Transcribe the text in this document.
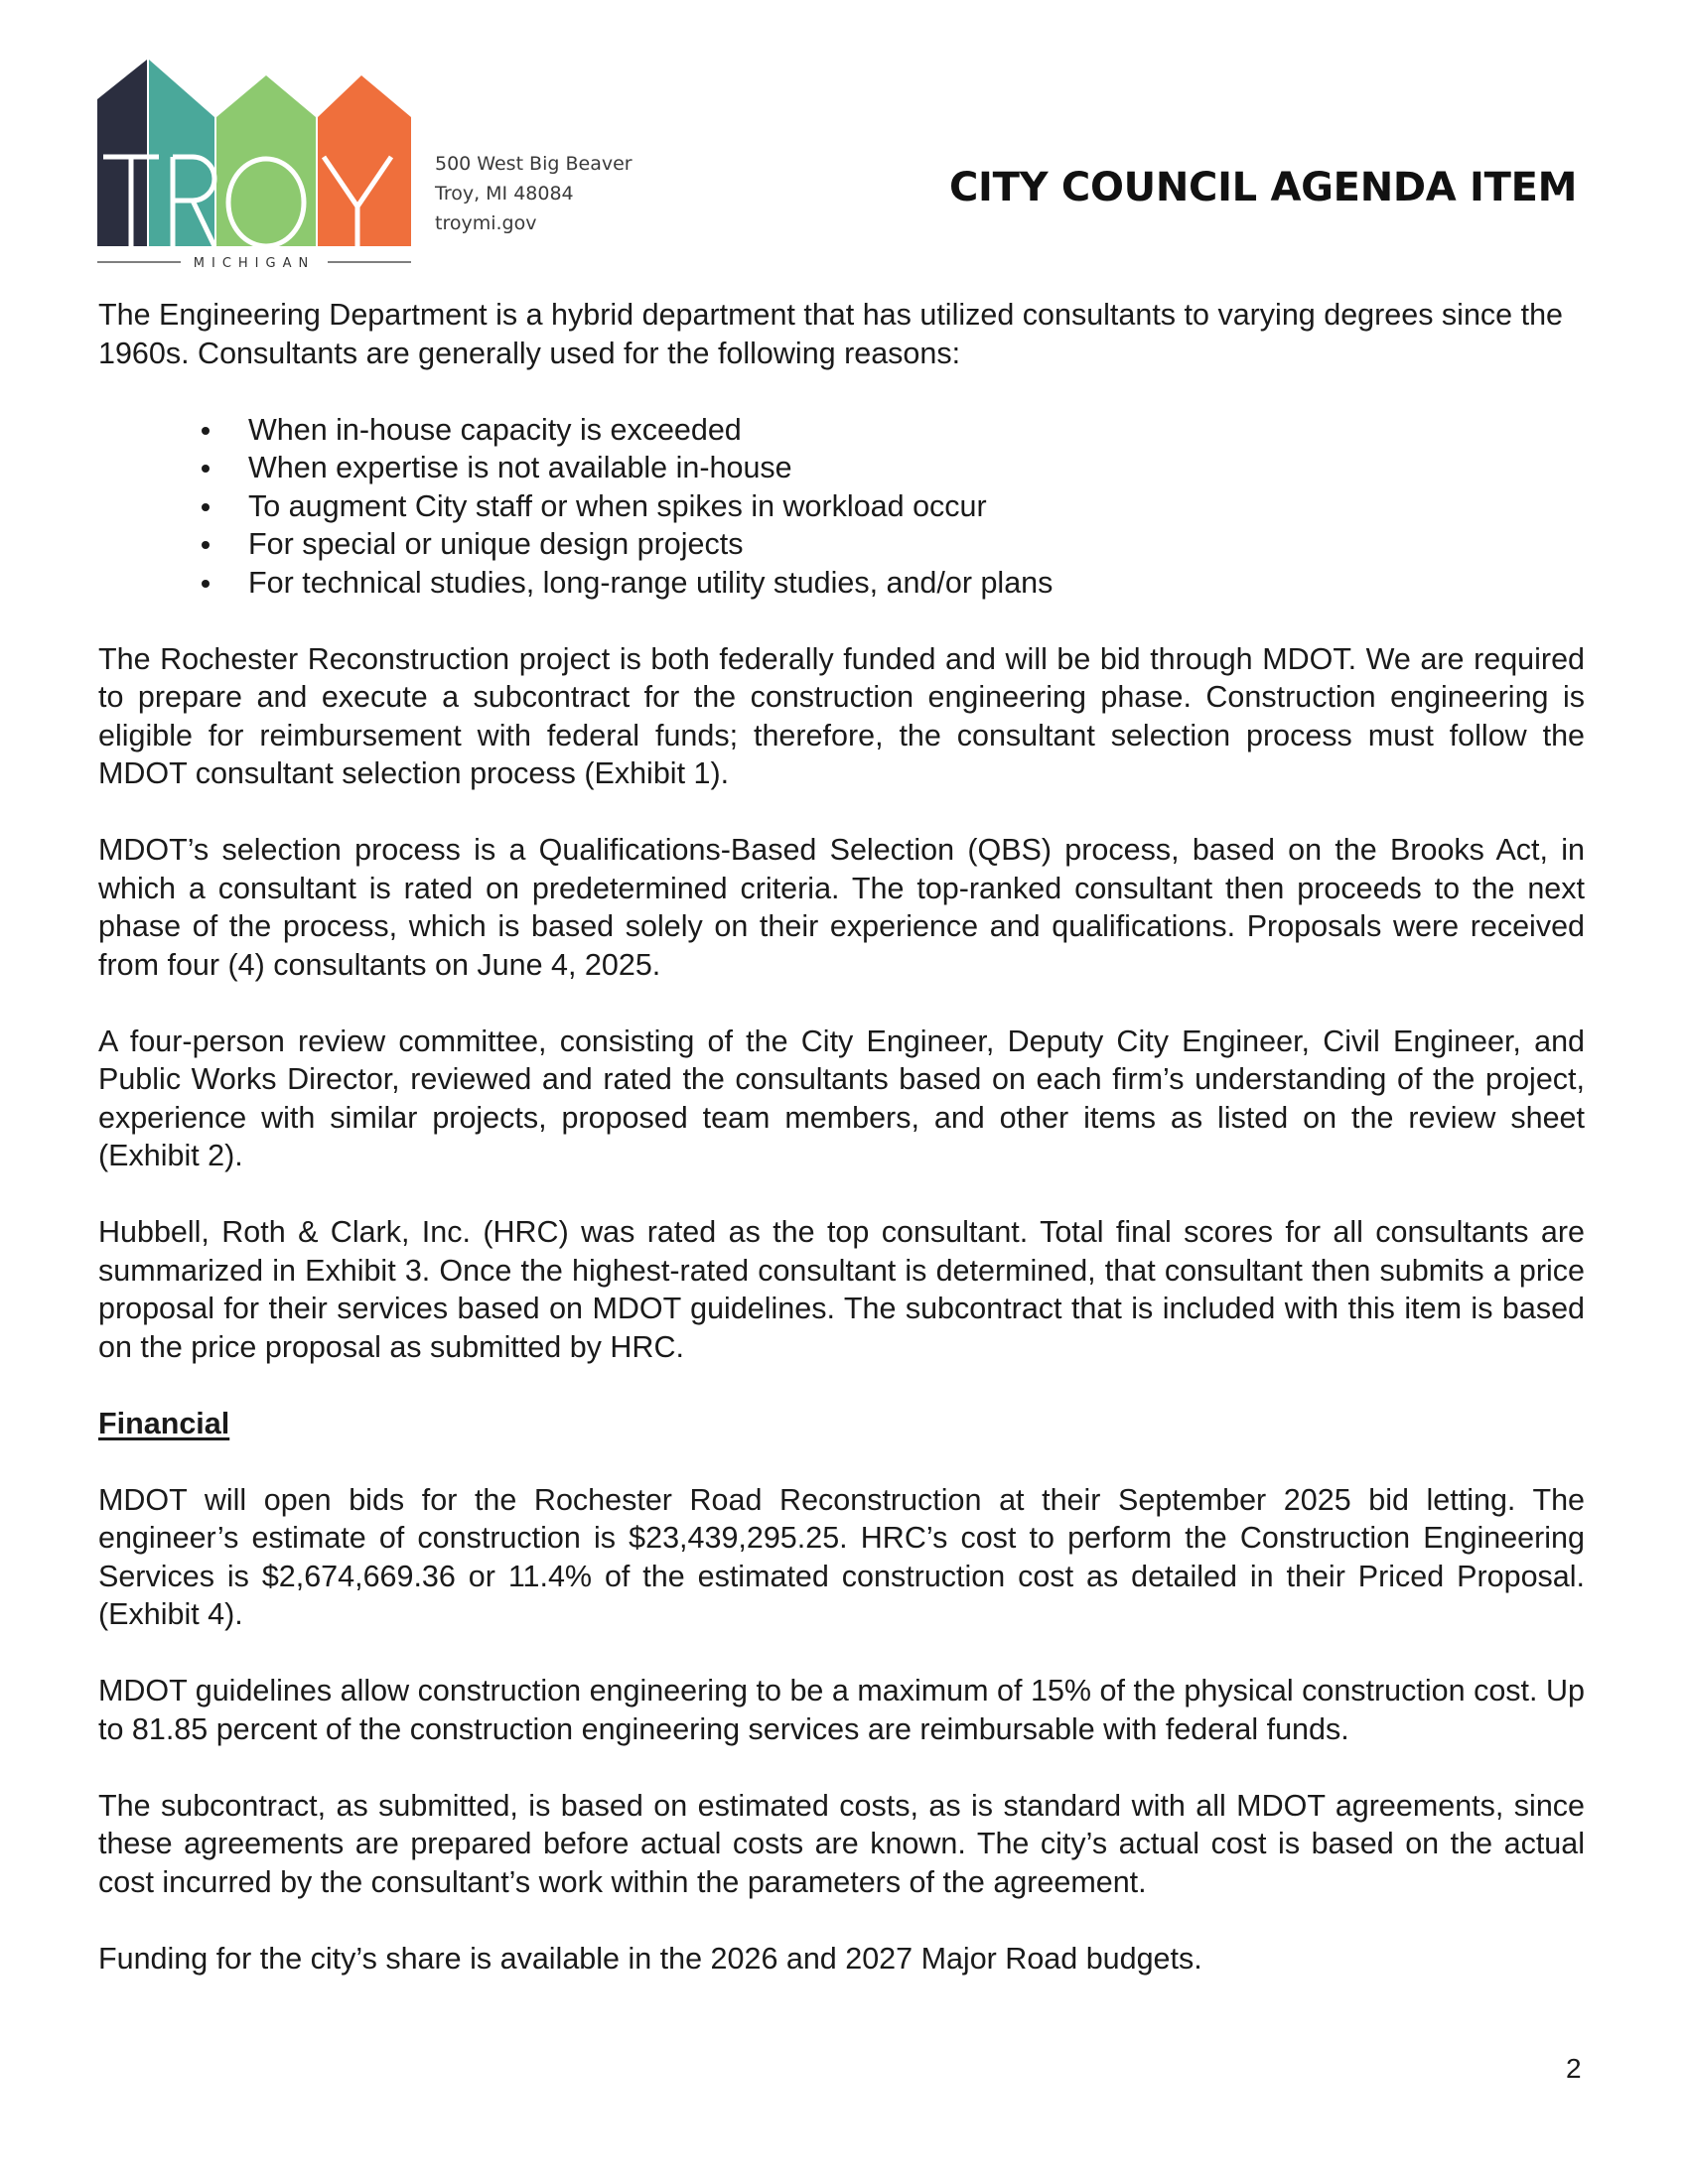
MICHIGAN
500 West Big Beaver
Troy, MI 48084
troymi.gov
CITY COUNCIL AGENDA ITEM

The Engineering Department is a hybrid department that has utilized consultants to varying degrees since the 1960s. Consultants are generally used for the following reasons:

When in-house capacity is exceeded
When expertise is not available in-house
To augment City staff or when spikes in workload occur
For special or unique design projects
For technical studies, long-range utility studies, and/or plans

The Rochester Reconstruction project is both federally funded and will be bid through MDOT. We are required to prepare and execute a subcontract for the construction engineering phase. Construction engineering is eligible for reimbursement with federal funds; therefore, the consultant selection process must follow the MDOT consultant selection process (Exhibit 1).

MDOT’s selection process is a Qualifications-Based Selection (QBS) process, based on the Brooks Act, in which a consultant is rated on predetermined criteria. The top-ranked consultant then proceeds to the next phase of the process, which is based solely on their experience and qualifications. Proposals were received from four (4) consultants on June 4, 2025.

A four-person review committee, consisting of the City Engineer, Deputy City Engineer, Civil Engineer, and Public Works Director, reviewed and rated the consultants based on each firm’s understanding of the project, experience with similar projects, proposed team members, and other items as listed on the review sheet (Exhibit 2).

Hubbell, Roth & Clark, Inc. (HRC) was rated as the top consultant. Total final scores for all consultants are summarized in Exhibit 3. Once the highest-rated consultant is determined, that consultant then submits a price proposal for their services based on MDOT guidelines. The subcontract that is included with this item is based on the price proposal as submitted by HRC.

Financial

MDOT will open bids for the Rochester Road Reconstruction at their September 2025 bid letting. The engineer’s estimate of construction is $23,439,295.25. HRC’s cost to perform the Construction Engineering Services is $2,674,669.36 or 11.4% of the estimated construction cost as detailed in their Priced Proposal. (Exhibit 4).

MDOT guidelines allow construction engineering to be a maximum of 15% of the physical construction cost. Up to 81.85 percent of the construction engineering services are reimbursable with federal funds.

The subcontract, as submitted, is based on estimated costs, as is standard with all MDOT agreements, since these agreements are prepared before actual costs are known. The city’s actual cost is based on the actual cost incurred by the consultant’s work within the parameters of the agreement.

Funding for the city’s share is available in the 2026 and 2027 Major Road budgets.

2
